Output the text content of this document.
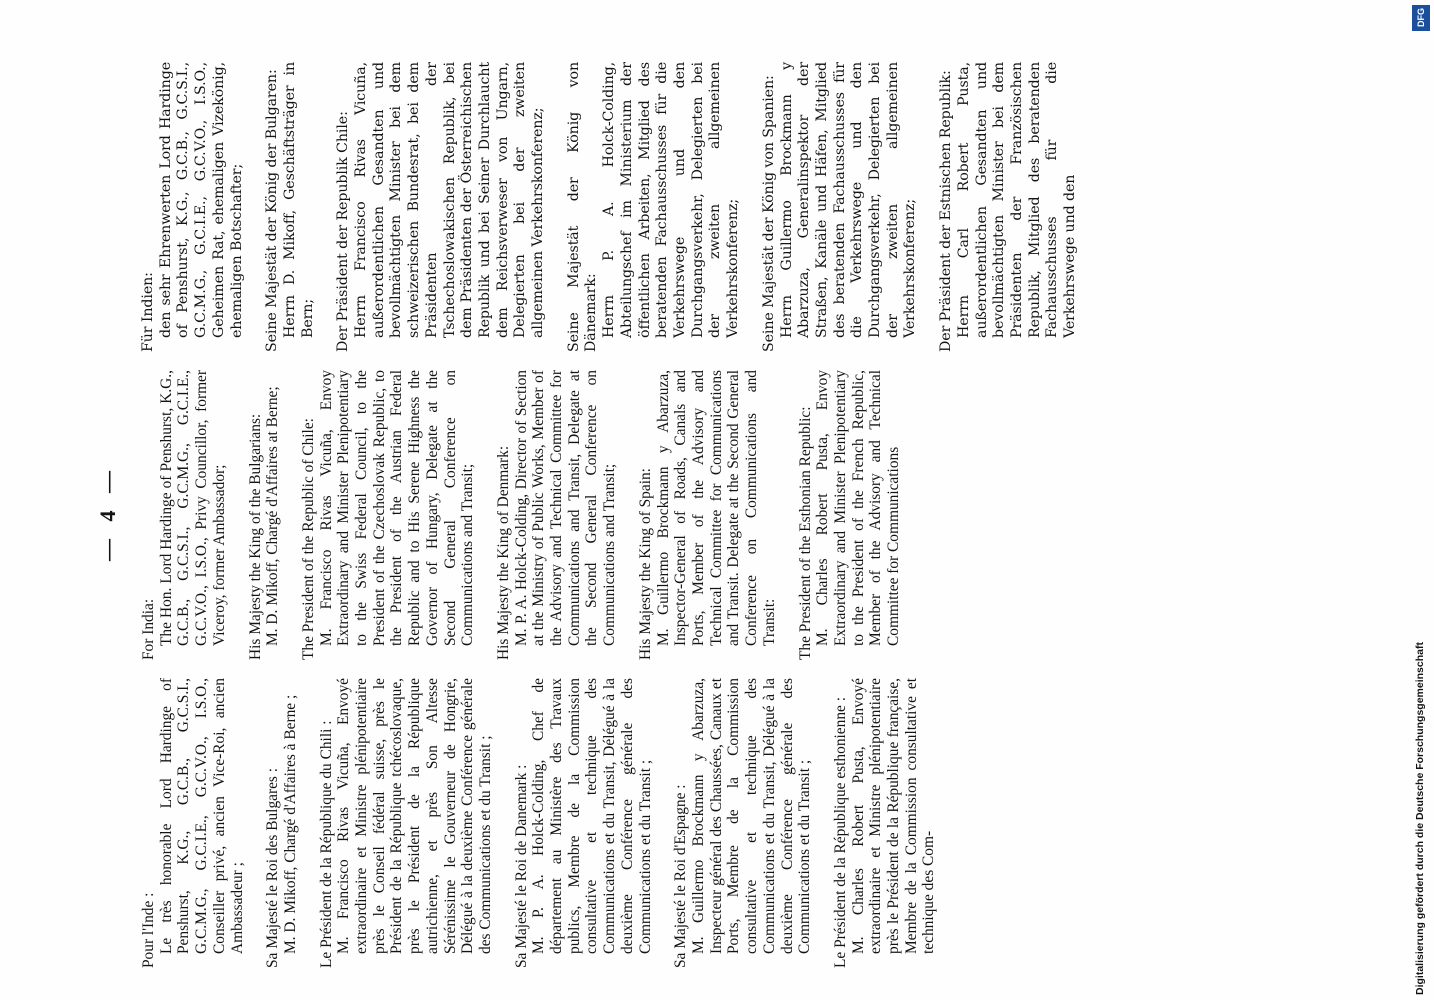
— 4 —
Pour l'Inde : Le très honorable Lord Hardinge of Penshurst, K.G., G.C.B., G.C.S.I., G.C.M.G., G.C.I.E., G.C.V.O., I.S.O., Conseiller privé, ancien Vice-Roi, ancien Ambassadeur ; Sa Majesté le Roi des Bulgares : M. D. Mikoff, Chargé d'Affaires à Berne ; Le Président de la République du Chili : M. Francisco Rivas Vicuña, Envoyé extraordinaire et Ministre plénipotentiaire près le Conseil fédéral suisse, près le Président de la République tchécoslovaque, près le Président de la République autrichienne, et près Son Altesse Sérénissime le Gouverneur de Hongrie, Délégué à la deuxième Conférence générale des Communications et du Transit ; Sa Majesté le Roi de Danemark : M. P. A. Holck-Colding, Chef de département au Ministère des Travaux publics, Membre de la Commission consultative et technique des Communications et du Transit, Délégué à la deuxième Conférence générale des Communications et du Transit ; Sa Majesté le Roi d'Espagne : M. Guillermo Brockmann y Abarzuza, Inspecteur général des Chaussées, Canaux et Ports, Membre de la Commission consultative et technique des Communications et du Transit, Délégué à la deuxième Conférence générale des Communications et du Transit ; Le Président de la République esthonienne : M. Charles Robert Pusta, Envoyé extraordinaire et Ministre plénipotentiaire près le Président de la République française, Membre de la Commission consultative et technique des Com-
For India: The Hon. Lord Hardinge of Penshurst, K.G., G.C.B., G.C.S.I., G.C.M.G., G.C.I.E., G.C.V.O., I.S.O., Privy Councillor, former Viceroy, former Ambassador; His Majesty the King of the Bulgarians: M. D. Mikoff, Chargé d'Affaires at Berne; The President of the Republic of Chile: M. Francisco Rivas Vicuña, Envoy Extraordinary and Minister Plenipotentiary to the Swiss Federal Council, to the President of the Czechoslovak Republic, to the President of the Austrian Federal Republic and to His Serene Highness the Governor of Hungary, Delegate at the Second General Conference on Communications and Transit; His Majesty the King of Denmark: M. P. A. Holck-Colding, Director of Section at the Ministry of Public Works, Member of the Advisory and Technical Committee for Communications and Transit, Delegate at the Second General Conference on Communications and Transit; His Majesty the King of Spain: M. Guillermo Brockmann y Abarzuza, Inspector-General of Roads, Canals and Ports, Member of the Advisory and Technical Committee for Communications and Transit. Delegate at the Second General Conference on Communications and Transit: The President of the Esthonian Republic: M. Charles Robert Pusta, Envoy Extraordinary and Minister Plenipotentiary to the President of the French Republic, Member of the Advisory and Technical Committee for Communications
Für Indien: den sehr Ehrenwerten Lord Hardinge of Penshurst, K.G., G.C.B., G.C.S.I., G.C.M.G., G.C.I.E., G.C.V.O., I.S.O., Geheimen Rat, ehemaligen Vizekönig, ehemaligen Botschafter; Seine Majestät der König der Bulgaren: Herrn D. Mikoff, Geschäftsträger in Bern; Der Präsident der Republik Chile: Herrn Francisco Rivas Vicuña, außerordentlichen Gesandten und bevollmächtigten Minister bei dem schweizerischen Bundesrat, bei dem Präsidenten der Tschechoslowakischen Republik, bei dem Präsidenten der Österreichischen Republik und bei Seiner Durchlaucht dem Reichsverweser von Ungarn, Delegierten bei der zweiten allgemeinen Verkehrskonferenz; Seine Majestät der König von Dänemark: Herrn P. A. Holck-Colding, Abteilungschef im Ministerium der öffentlichen Arbeiten, Mitglied des beratenden Fachausschusses für die Verkehrswege und den Durchgangsverkehr, Delegierten bei der zweiten allgemeinen Verkehrskonferenz; Seine Majestät der König von Spanien: Herrn Guillermo Brockmann y Abarzuza, Generalinspektor der Straßen, Kanäle und Häfen, Mitglied des beratenden Fachausschusses für die Verkehrswege und den Durchgangsverkehr, Delegierten bei der zweiten allgemeinen Verkehrskonferenz; Der Präsident der Estnischen Republik: Herrn Carl Robert Pusta, außerordentlichen Gesandten und bevollmächtigten Minister bei dem Präsidenten der Französischen Republik, Mitglied des beratenden Fachausschusses für die Verkehrswege und den
Digitalisierung gefördert durch die Deutsche Forschungsgemeinschaft
DFG
